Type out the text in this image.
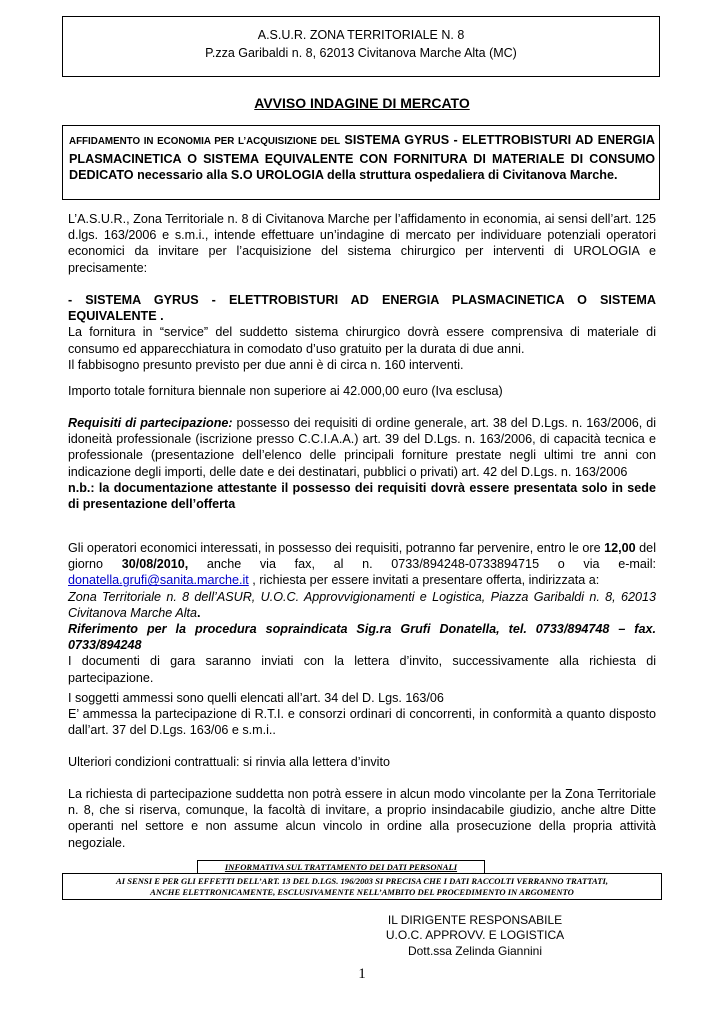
A.S.U.R. ZONA TERRITORIALE N. 8
P.zza Garibaldi n. 8, 62013 Civitanova Marche Alta (MC)
AVVISO INDAGINE DI MERCATO
AFFIDAMENTO IN ECONOMIA PER L’ACQUISIZIONE DEL SISTEMA GYRUS - ELETTROBISTURI AD ENERGIA PLASMACINETICA O SISTEMA EQUIVALENTE CON FORNITURA DI MATERIALE DI CONSUMO DEDICATO necessario alla S.O UROLOGIA della struttura ospedaliera di Civitanova Marche.

L’A.S.U.R., Zona Territoriale n. 8 di Civitanova Marche per l’affidamento in economia, ai sensi dell’art. 125 d.lgs. 163/2006 e s.m.i., intende effettuare un’indagine di mercato per individuare potenziali operatori economici da invitare per l’acquisizione del sistema chirurgico per interventi di UROLOGIA e precisamente:

- SISTEMA GYRUS - ELETTROBISTURI AD ENERGIA PLASMACINETICA O SISTEMA EQUIVALENTE .

La fornitura in “service” del suddetto sistema chirurgico dovrà essere comprensiva di materiale di consumo ed apparecchiatura in comodato d’uso gratuito per la durata di due anni.

Il fabbisogno presunto previsto per due anni è di circa n. 160 interventi.

Importo totale fornitura biennale non superiore ai 42.000,00 euro (Iva esclusa)

Requisiti di partecipazione: possesso dei requisiti di ordine generale, art. 38 del D.Lgs. n. 163/2006, di idoneità professionale (iscrizione presso C.C.I.A.A.) art. 39 del D.Lgs. n. 163/2006, di capacità tecnica e professionale (presentazione dell’elenco delle principali forniture prestate negli ultimi tre anni con indicazione degli importi, delle date e dei destinatari, pubblici o privati) art. 42 del D.Lgs. n. 163/2006

n.b.: la documentazione attestante il possesso dei requisiti dovrà essere presentata solo in sede di presentazione dell’offerta

Gli operatori economici interessati, in possesso dei requisiti, potranno far pervenire, entro le ore 12,00 del giorno 30/08/2010, anche via fax, al n. 0733/894248-0733894715 o via e-mail: donatella.grufi@sanita.marche.it , richiesta per essere invitati a presentare offerta, indirizzata a:

Zona Territoriale n. 8 dell’ASUR, U.O.C. Approvvigionamenti e Logistica, Piazza Garibaldi n. 8, 62013 Civitanova Marche Alta.

Riferimento per la procedura sopraindicata Sig.ra Grufi Donatella, tel. 0733/894748 – fax. 0733/894248

I documenti di gara saranno inviati con la lettera d’invito, successivamente alla richiesta di partecipazione.

I soggetti ammessi sono quelli elencati all’art. 34 del D. Lgs. 163/06

E’ ammessa la partecipazione di R.T.I. e consorzi ordinari di concorrenti, in conformità a quanto disposto dall’art. 37 del D.Lgs. 163/06 e s.m.i..

Ulteriori condizioni contrattuali: si rinvia alla lettera d’invito

La richiesta di partecipazione suddetta non potrà essere in alcun modo vincolante per la Zona Territoriale n. 8, che si riserva, comunque, la facoltà di invitare, a proprio insindacabile giudizio, anche altre Ditte operanti nel settore e non assume alcun vincolo in ordine alla prosecuzione della propria attività negoziale.

INFORMATIVA SUL TRATTAMENTO DEI DATI PERSONALI
AI SENSI E PER GLI EFFETTI DELL’ART. 13 DEL D.LGS. 196/2003 SI PRECISA CHE I DATI RACCOLTI VERRANNO TRATTATI,
ANCHE ELETTRONICAMENTE, ESCLUSIVAMENTE NELL’AMBITO DEL PROCEDIMENTO IN ARGOMENTO
IL DIRIGENTE RESPONSABILE
U.O.C. APPROVV. E LOGISTICA
Dott.ssa Zelinda Giannini
1
